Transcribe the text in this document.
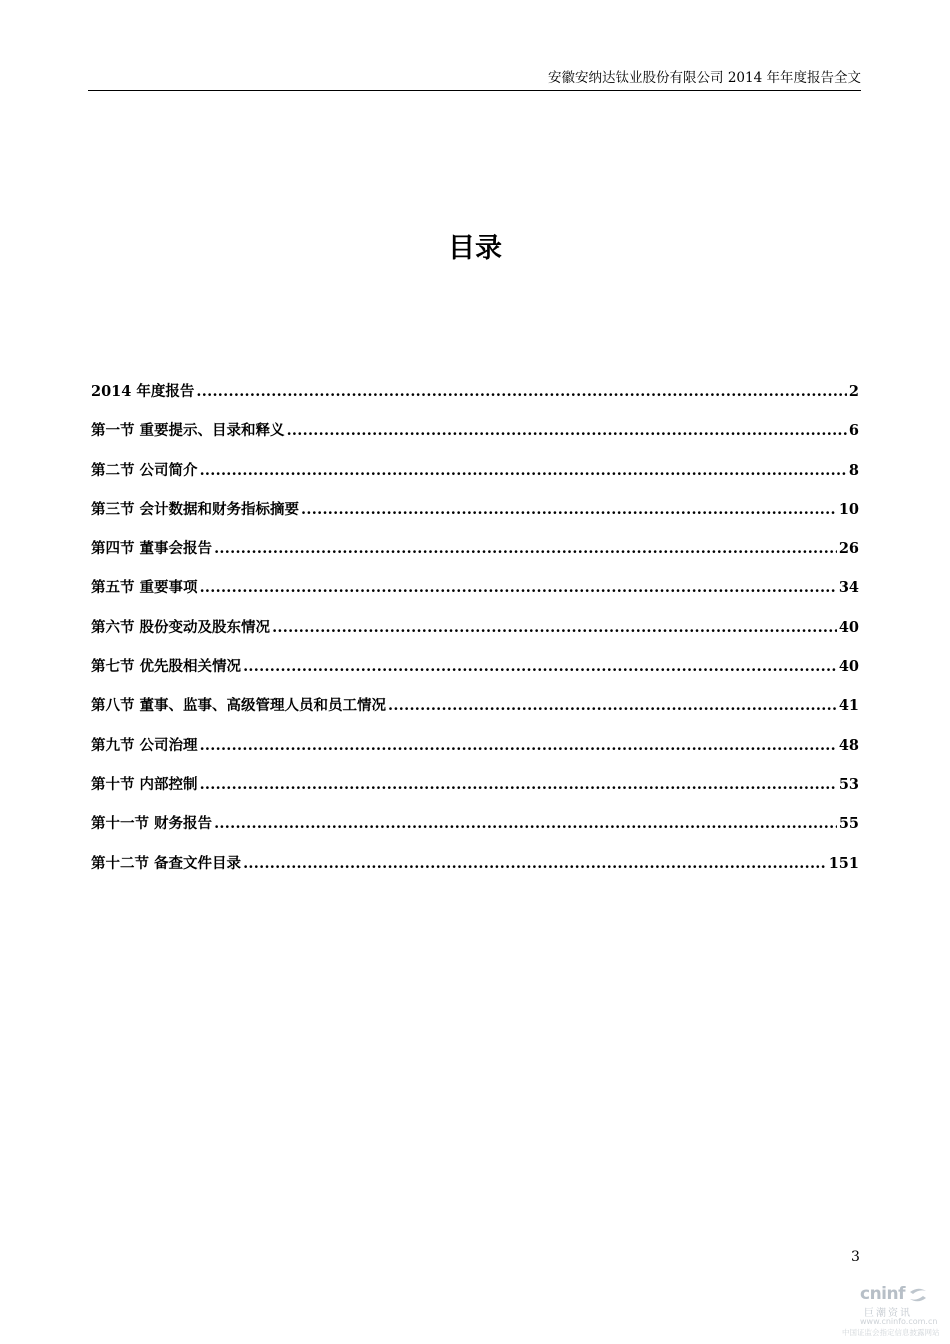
安徽安纳达钛业股份有限公司 2014 年年度报告全文
目录
2014 年度报告 .....	2
第一节 重要提示、目录和释义 .....	6
第二节 公司简介 .....	8
第三节 会计数据和财务指标摘要 .....	10
第四节 董事会报告 .....	26
第五节 重要事项 .....	34
第六节 股份变动及股东情况 .....	40
第七节 优先股相关情况 .....	40
第八节 董事、监事、高级管理人员和员工情况 .....	41
第九节 公司治理 .....	48
第十节 内部控制 .....	53
第十一节 财务报告 .....	55
第十二节 备查文件目录 .....	151
3
cninf
巨潮资讯
www.cninfo.com.cn
中国证监会指定信息披露网站
